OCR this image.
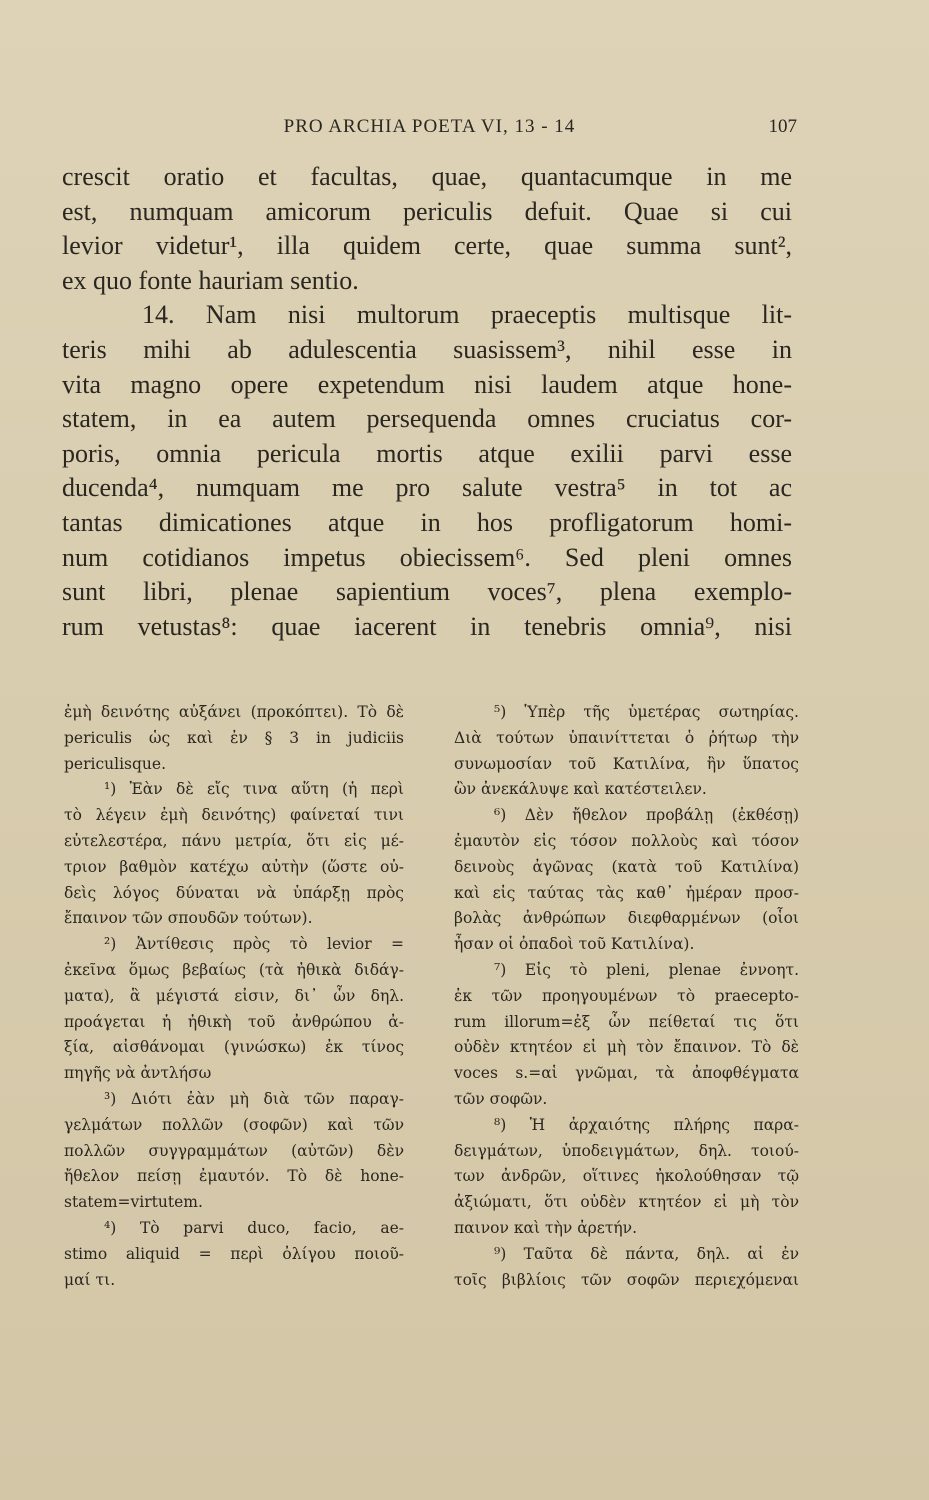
PRO ARCHIA POETA VI, 13 - 14	107
crescit oratio et facultas, quae, quantacumque in me
est, numquam amicorum periculis defuit. Quae si cui
levior videtur¹, illa quidem certe, quae summa sunt²,
ex quo fonte hauriam sentio.
14. Nam nisi multorum praeceptis multisque lit-
teris mihi ab adulescentia suasissem³, nihil esse in
vita magno opere expetendum nisi laudem atque hone-
statem, in ea autem persequenda omnes cruciatus cor-
poris, omnia pericula mortis atque exilii parvi esse
ducenda⁴, numquam me pro salute vestra⁵ in tot ac
tantas dimicationes atque in hos profligatorum homi-
num cotidianos impetus obiecissem⁶. Sed pleni omnes
sunt libri, plenae sapientium voces⁷, plena exemplo-
rum vetustas⁸: quae iacerent in tenebris omnia⁹, nisi
ἐμὴ δεινότης αὐξάνει (προκόπτει). Τὸ δὲ
periculis ὡς καὶ ἐν § 3 in judiciis
periculisque.
¹) Ἐὰν δὲ εἴς τινα αὕτη (ἡ περὶ
τὸ λέγειν ἐμὴ δεινότης) φαίνεταί τινι
εὐτελεστέρα, πάνυ μετρία, ὅτι εἰς μέ-
τριον βαθμὸν κατέχω αὐτὴν (ὥστε οὐ-
δεὶς λόγος δύναται νὰ ὑπάρξῃ πρὸς
ἔπαινον τῶν σπουδῶν τούτων).
²) Ἀντίθεσις πρὸς τὸ levior =
ἐκεῖνα ὅμως βεβαίως (τὰ ἠθικὰ διδάγ-
ματα), ἃ μέγιστά εἰσιν, δι᾽ ὧν δηλ.
προάγεται ἡ ἠθικὴ τοῦ ἀνθρώπου ἀ-
ξία, αἰσθάνομαι (γινώσκω) ἐκ τίνος
πηγῆς νὰ ἀντλήσω
³) Διότι ἐὰν μὴ διὰ τῶν παραγ-
γελμάτων πολλῶν (σοφῶν) καὶ τῶν
πολλῶν συγγραμμάτων (αὐτῶν) δὲν
ἤθελον πείσῃ ἐμαυτόν. Τὸ δὲ hone-
statem=virtutem.
⁴) Τὸ parvi duco, facio, ae-
stimo aliquid = περὶ ὀλίγου ποιοῦ-
μαί τι.
⁵) Ὑπὲρ τῆς ὑμετέρας σωτηρίας.
Διὰ τούτων ὑπαινίττεται ὁ ῥήτωρ τὴν
συνωμοσίαν τοῦ Κατιλίνα, ἣν ὕπατος
ὢν ἀνεκάλυψε καὶ κατέστειλεν.
⁶) Δὲν ἤθελον προβάλῃ (ἐκθέσῃ)
ἐμαυτὸν εἰς τόσον πολλοὺς καὶ τόσον
δεινοὺς ἀγῶνας (κατὰ τοῦ Κατιλίνα)
καὶ εἰς ταύτας τὰς καθ᾽ ἡμέραν προσ-
βολὰς ἀνθρώπων διεφθαρμένων (οἷοι
ἦσαν οἱ ὀπαδοὶ τοῦ Κατιλίνα).
⁷) Εἰς τὸ pleni, plenae ἐννοητ.
ἐκ τῶν προηγουμένων τὸ praecepto-
rum illorum=ἐξ ὧν πείθεταί τις ὅτι
οὐδὲν κτητέον εἰ μὴ τὸν ἔπαινον. Τὸ δὲ
voces s.=αἱ γνῶμαι, τὰ ἀποφθέγματα
τῶν σοφῶν.
⁸) Ἡ ἀρχαιότης πλήρης παρα-
δειγμάτων, ὑποδειγμάτων, δηλ. τοιού-
των ἀνδρῶν, οἵτινες ἠκολούθησαν τῷ
ἀξιώματι, ὅτι οὐδὲν κτητέον εἰ μὴ τὸν
παινον καὶ τὴν ἀρετήν.
⁹) Ταῦτα δὲ πάντα, δηλ. αἱ ἐν
τοῖς βιβλίοις τῶν σοφῶν περιεχόμεναι
